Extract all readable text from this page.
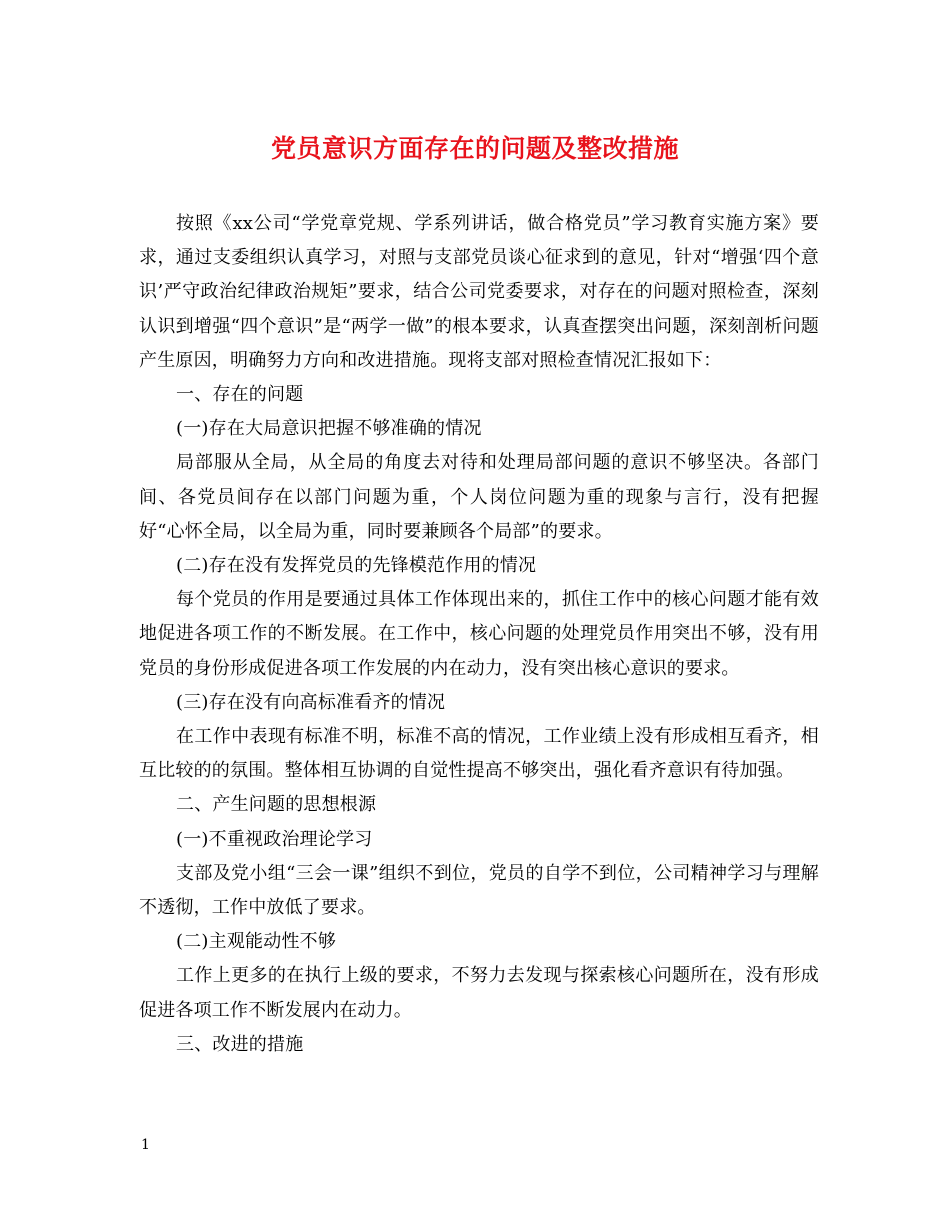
党员意识方面存在的问题及整改措施

按照《xx公司“学党章党规、学系列讲话，做合格党员”学习教育实施方案》要求，通过支委组织认真学习，对照与支部党员谈心征求到的意见，针对“增强‘四个意识’严守政治纪律政治规矩”要求，结合公司党委要求，对存在的问题对照检查，深刻认识到增强“四个意识”是“两学一做”的根本要求，认真查摆突出问题，深刻剖析问题产生原因，明确努力方向和改进措施。现将支部对照检查情况汇报如下：

一、存在的问题

(一)存在大局意识把握不够准确的情况

局部服从全局，从全局的角度去对待和处理局部问题的意识不够坚决。各部门间、各党员间存在以部门问题为重，个人岗位问题为重的现象与言行，没有把握好“心怀全局，以全局为重，同时要兼顾各个局部”的要求。

(二)存在没有发挥党员的先锋模范作用的情况

每个党员的作用是要通过具体工作体现出来的，抓住工作中的核心问题才能有效地促进各项工作的不断发展。在工作中，核心问题的处理党员作用突出不够，没有用党员的身份形成促进各项工作发展的内在动力，没有突出核心意识的要求。

(三)存在没有向高标准看齐的情况

在工作中表现有标准不明，标准不高的情况，工作业绩上没有形成相互看齐，相互比较的的氛围。整体相互协调的自觉性提高不够突出，强化看齐意识有待加强。

二、产生问题的思想根源

(一)不重视政治理论学习

支部及党小组“三会一课”组织不到位，党员的自学不到位，公司精神学习与理解不透彻，工作中放低了要求。

(二)主观能动性不够

工作上更多的在执行上级的要求，不努力去发现与探索核心问题所在，没有形成促进各项工作不断发展内在动力。

三、改进的措施

1
